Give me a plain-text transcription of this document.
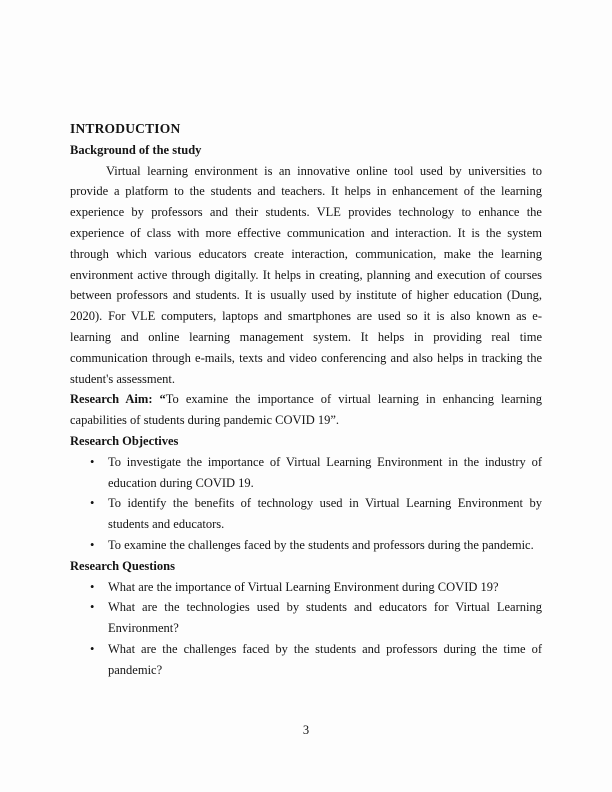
INTRODUCTION
Background of the study

Virtual learning environment is an innovative online tool used by universities to provide a platform to the students and teachers. It helps in enhancement of the learning experience by professors and their students. VLE provides technology to enhance the experience of class with more effective communication and interaction. It is the system through which various educators create interaction, communication, make the learning environment active through digitally. It helps in creating, planning and execution of courses between professors and students. It is usually used by institute of higher education (Dung, 2020). For VLE computers, laptops and smartphones are used so it is also known as e-learning and online learning management system. It helps in providing real time communication through e-mails, texts and video conferencing and also helps in tracking the student's assessment.

Research Aim: “To examine the importance of virtual learning in enhancing learning capabilities of students during pandemic COVID 19”.

Research Objectives
•	To investigate the importance of Virtual Learning Environment in the industry of education during COVID 19.
•	To identify the benefits of technology used in Virtual Learning Environment by students and educators.
•	To examine the challenges faced by the students and professors during the pandemic.
Research Questions
•	What are the importance of Virtual Learning Environment during COVID 19?
•	What are the technologies used by students and educators for Virtual Learning Environment?
•	What are the challenges faced by the students and professors during the time of pandemic?
3
